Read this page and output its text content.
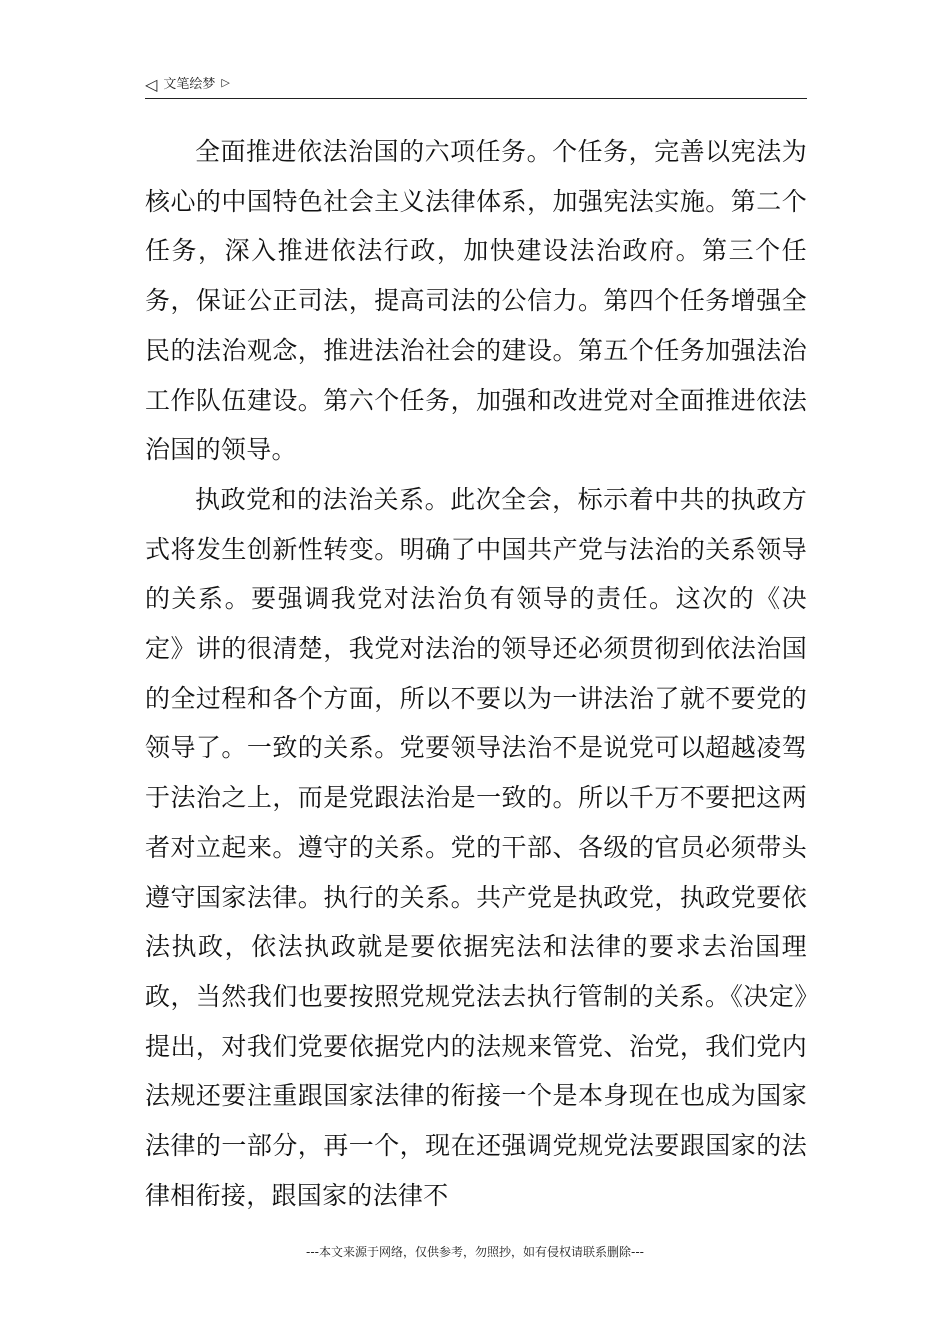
◁ 文笔绘梦 ▷

全面推进依法治国的六项任务。个任务，完善以宪法为核心的中国特色社会主义法律体系，加强宪法实施。第二个任务，深入推进依法行政，加快建设法治政府。第三个任务，保证公正司法，提高司法的公信力。第四个任务增强全民的法治观念，推进法治社会的建设。第五个任务加强法治工作队伍建设。第六个任务，加强和改进党对全面推进依法治国的领导。

执政党和的法治关系。此次全会，标示着中共的执政方式将发生创新性转变。明确了中国共产党与法治的关系领导的关系。要强调我党对法治负有领导的责任。这次的《决定》讲的很清楚，我党对法治的领导还必须贯彻到依法治国的全过程和各个方面，所以不要以为一讲法治了就不要党的领导了。一致的关系。党要领导法治不是说党可以超越凌驾于法治之上，而是党跟法治是一致的。所以千万不要把这两者对立起来。遵守的关系。党的干部、各级的官员必须带头遵守国家法律。执行的关系。共产党是执政党，执政党要依法执政，依法执政就是要依据宪法和法律的要求去治国理政，当然我们也要按照党规党法去执行管制的关系。《决定》提出，对我们党要依据党内的法规来管党、治党，我们党内法规还要注重跟国家法律的衔接一个是本身现在也成为国家法律的一部分，再一个，现在还强调党规党法要跟国家的法律相衔接，跟国家的法律不

---本文来源于网络，仅供参考，勿照抄，如有侵权请联系删除---
